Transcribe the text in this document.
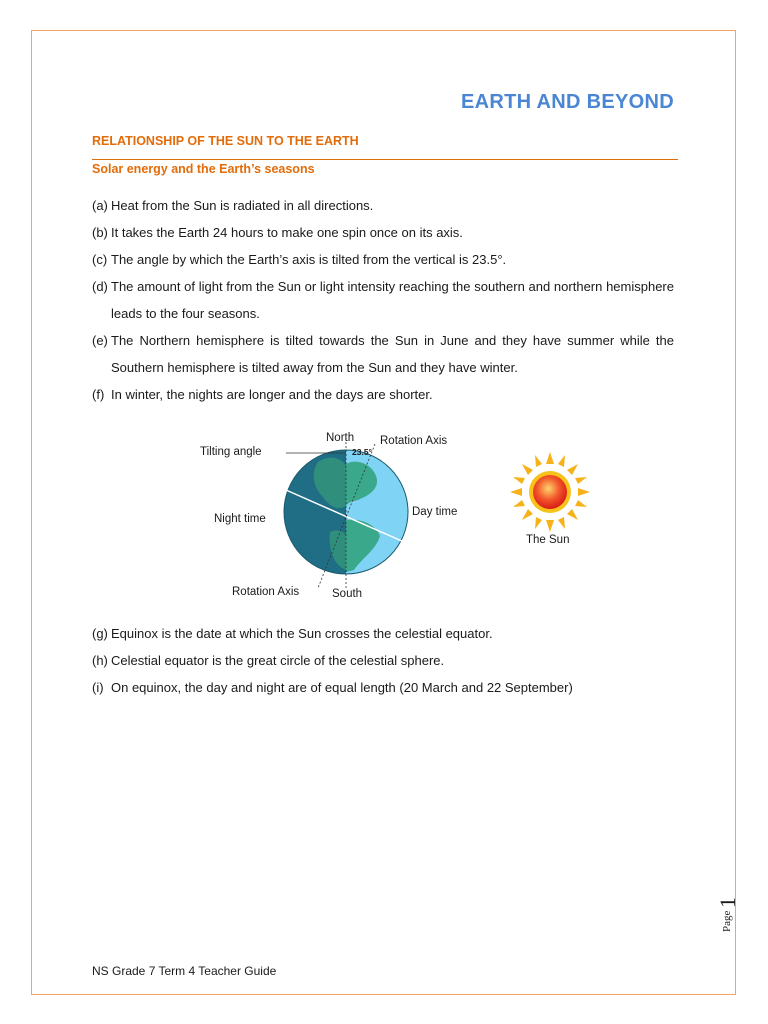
EARTH AND BEYOND
RELATIONSHIP OF THE SUN TO THE EARTH
Solar energy and the Earth’s seasons
(a) Heat from the Sun is radiated in all directions.
(b) It takes the Earth 24 hours to make one spin once on its axis.
(c) The angle by which the Earth’s axis is tilted from the vertical is 23.5°.
(d) The amount of light from the Sun or light intensity reaching the southern and northern hemisphere leads to the four seasons.
(e) The Northern hemisphere is tilted towards the Sun in June and they have summer while the Southern hemisphere is tilted away from the Sun and they have winter.
(f) In winter, the nights are longer and the days are shorter.
North Rotation Axis
23.5°
Tilting angle
Night time
Day time
Rotation Axis	South
The Sun
(g) Equinox is the date at which the Sun crosses the celestial equator.
(h) Celestial equator is the great circle of the celestial sphere.
(i) On equinox, the day and night are of equal length (20 March and 22 September)
Page
1
NS Grade 7 Term 4 Teacher Guide
